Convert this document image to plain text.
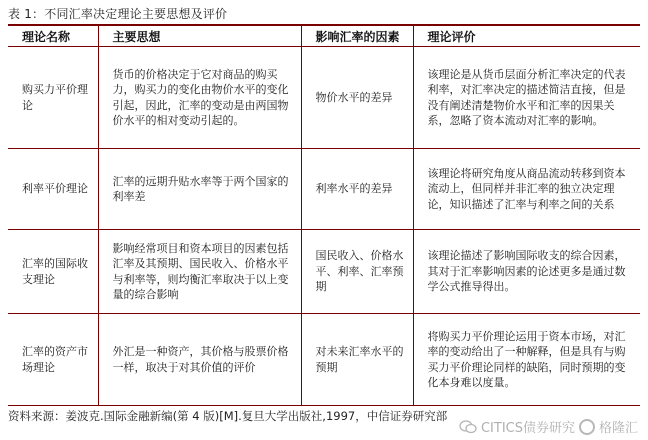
表 1：不同汇率决定理论主要思想及评价
理论名称	主要思想	影响汇率的因素	理论评价
购买力平价理论	货币的价格决定于它对商品的购买力，购买力的变化由物价水平的变化引起，因此，汇率的变动是由两国物价水平的相对变动引起的。	物价水平的差异	该理论是从货币层面分析汇率决定的代表利率，对汇率决定的描述简洁直接，但是没有阐述清楚物价水平和汇率的因果关系，忽略了资本流动对汇率的影响。
利率平价理论	汇率的远期升贴水率等于两个国家的利率差	利率水平的差异	该理论将研究角度从商品流动转移到资本流动上，但同样并非汇率的独立决定理论，知识描述了汇率与利率之间的关系
汇率的国际收支理论	影响经常项目和资本项目的因素包括汇率及其预期、国民收入、价格水平与利率等，则均衡汇率取决于以上变量的综合影响	国民收入、价格水平、利率、汇率预期	该理论描述了影响国际收支的综合因素，其对于汇率影响因素的论述更多是通过数学公式推导得出。
汇率的资产市场理论	外汇是一种资产，其价格与股票价格一样，取决于对其价值的评价	对未来汇率水平的预期	将购买力平价理论运用于资本市场，对汇率的变动给出了一种解释，但是具有与购买力平价理论同样的缺陷，同时预期的变化本身难以度量。
资料来源：姜波克.国际金融新编(第 4 版)[M].复旦大学出版社,1997，中信证券研究部
CITICS债券研究 格隆汇
